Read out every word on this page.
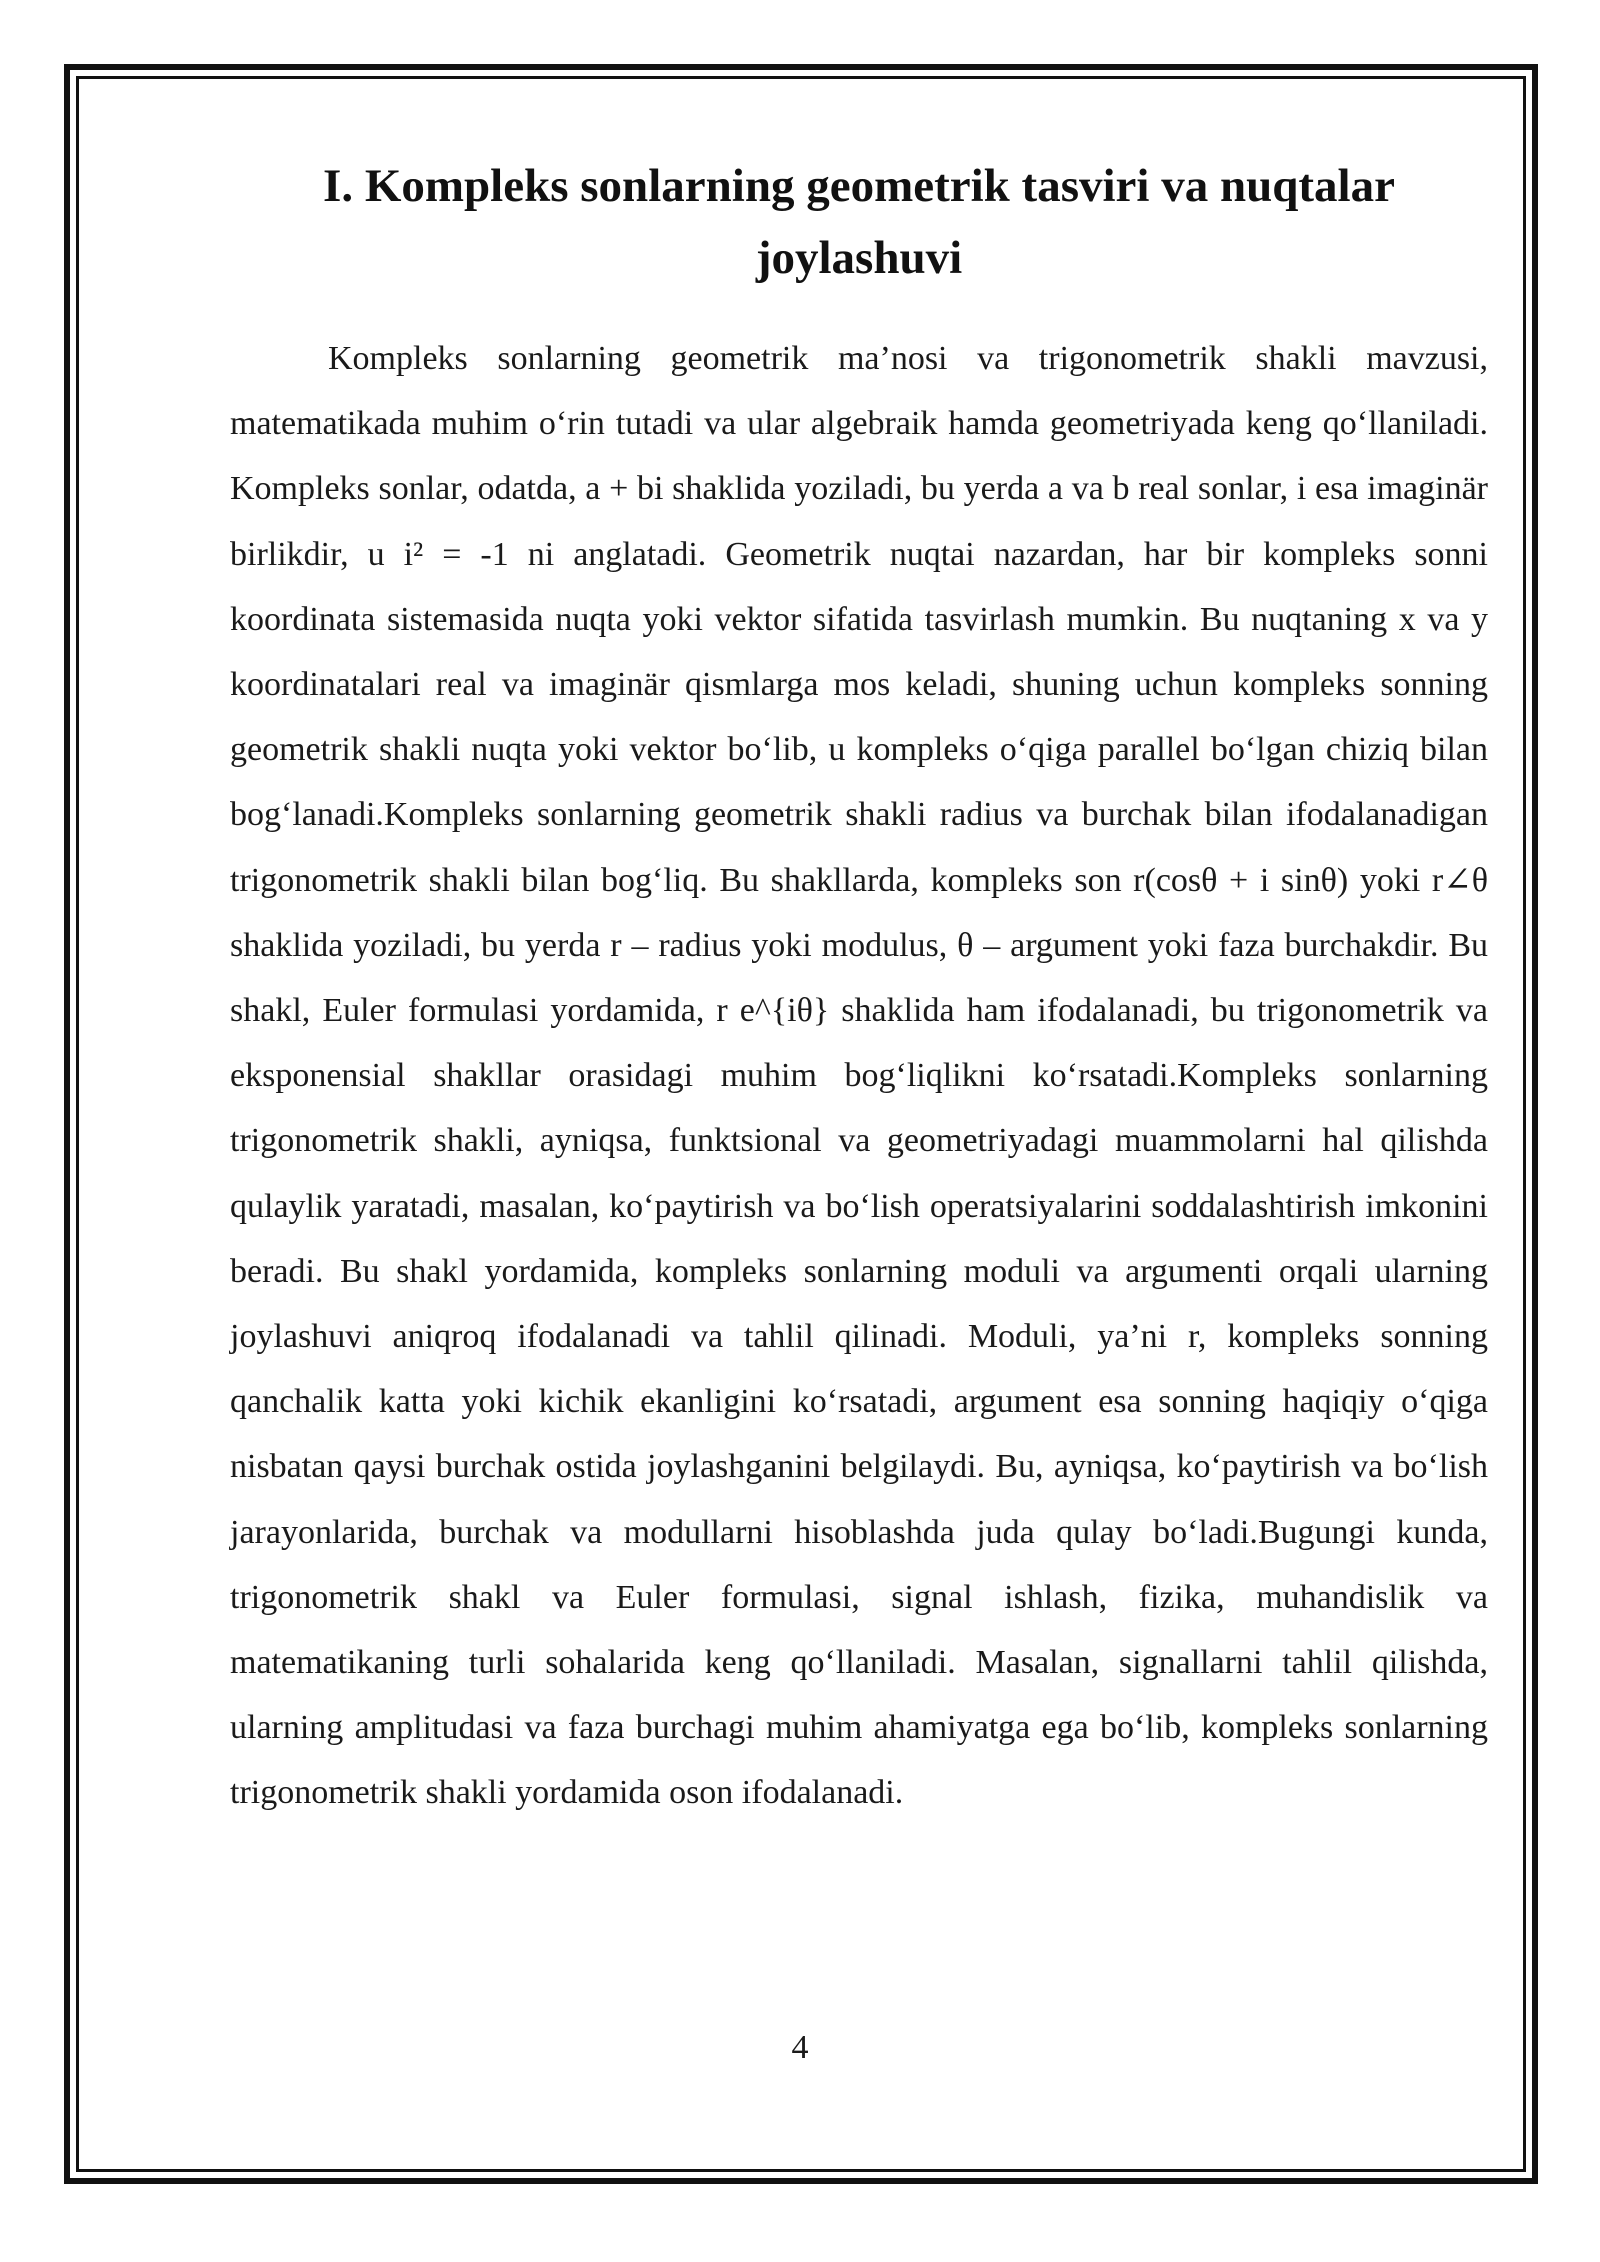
I. Kompleks sonlarning geometrik tasviri va nuqtalar
joylashuvi

Kompleks sonlarning geometrik ma’nosi va trigonometrik shakli mavzusi, matematikada muhim o‘rin tutadi va ular algebraik hamda geometriyada keng qo‘llaniladi. Kompleks sonlar, odatda, a + bi shaklida yoziladi, bu yerda a va b real sonlar, i esa imaginär birlikdir, u i² = -1 ni anglatadi. Geometrik nuqtai nazardan, har bir kompleks sonni koordinata sistemasida nuqta yoki vektor sifatida tasvirlash mumkin. Bu nuqtaning x va y koordinatalari real va imaginär qismlarga mos keladi, shuning uchun kompleks sonning geometrik shakli nuqta yoki vektor bo‘lib, u kompleks o‘qiga parallel bo‘lgan chiziq bilan bog‘lanadi.Kompleks sonlarning geometrik shakli radius va burchak bilan ifodalanadigan trigonometrik shakli bilan bog‘liq. Bu shakllarda, kompleks son r(cosθ + i sinθ) yoki r∠θ shaklida yoziladi, bu yerda r – radius yoki modulus, θ – argument yoki faza burchakdir. Bu shakl, Euler formulasi yordamida, r e^{iθ} shaklida ham ifodalanadi, bu trigonometrik va eksponensial shakllar orasidagi muhim bog‘liqlikni ko‘rsatadi.Kompleks sonlarning trigonometrik shakli, ayniqsa, funktsional va geometriyadagi muammolarni hal qilishda qulaylik yaratadi, masalan, ko‘paytirish va bo‘lish operatsiyalarini soddalashtirish imkonini beradi. Bu shakl yordamida, kompleks sonlarning moduli va argumenti orqali ularning joylashuvi aniqroq ifodalanadi va tahlil qilinadi. Moduli, ya’ni r, kompleks sonning qanchalik katta yoki kichik ekanligini ko‘rsatadi, argument esa sonning haqiqiy o‘qiga nisbatan qaysi burchak ostida joylashganini belgilaydi. Bu, ayniqsa, ko‘paytirish va bo‘lish jarayonlarida, burchak va modullarni hisoblashda juda qulay bo‘ladi.Bugungi kunda, trigonometrik shakl va Euler formulasi, signal ishlash, fizika, muhandislik va matematikaning turli sohalarida keng qo‘llaniladi. Masalan, signallarni tahlil qilishda, ularning amplitudasi va faza burchagi muhim ahamiyatga ega bo‘lib, kompleks sonlarning trigonometrik shakli yordamida oson ifodalanadi.

4
